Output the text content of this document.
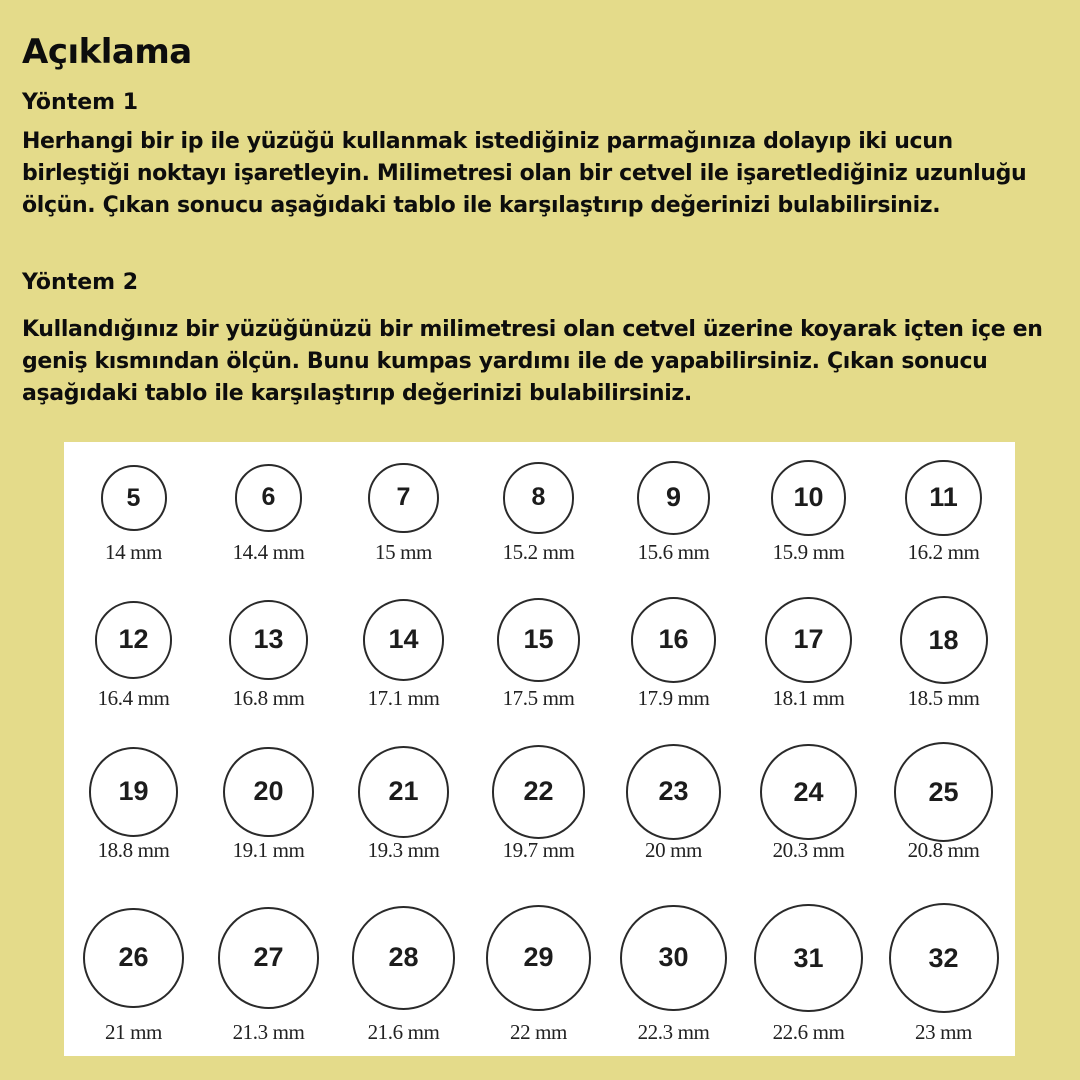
Açıklama
Yöntem 1

Herhangi bir ip ile yüzüğü kullanmak istediğiniz parmağınıza dolayıp iki ucun birleştiği noktayı işaretleyin. Milimetresi olan bir cetvel ile işaretlediğiniz uzunluğu ölçün. Çıkan sonucu aşağıdaki tablo ile karşılaştırıp değerinizi bulabilirsiniz.

Yöntem 2

Kullandığınız bir yüzüğünüzü bir milimetresi olan cetvel üzerine koyarak içten içe en geniş kısmından ölçün. Bunu kumpas yardımı ile de yapabilirsiniz. Çıkan sonucu aşağıdaki tablo ile karşılaştırıp değerinizi bulabilirsiniz.

5
14 mm
6
14.4 mm
7
15 mm
8
15.2 mm
9
15.6 mm
10
15.9 mm
11
16.2 mm
12
16.4 mm
13
16.8 mm
14
17.1 mm
15
17.5 mm
16
17.9 mm
17
18.1 mm
18
18.5 mm
19
18.8 mm
20
19.1 mm
21
19.3 mm
22
19.7 mm
23
20 mm
24
20.3 mm
25
20.8 mm
26
21 mm
27
21.3 mm
28
21.6 mm
29
22 mm
30
22.3 mm
31
22.6 mm
32
23 mm
